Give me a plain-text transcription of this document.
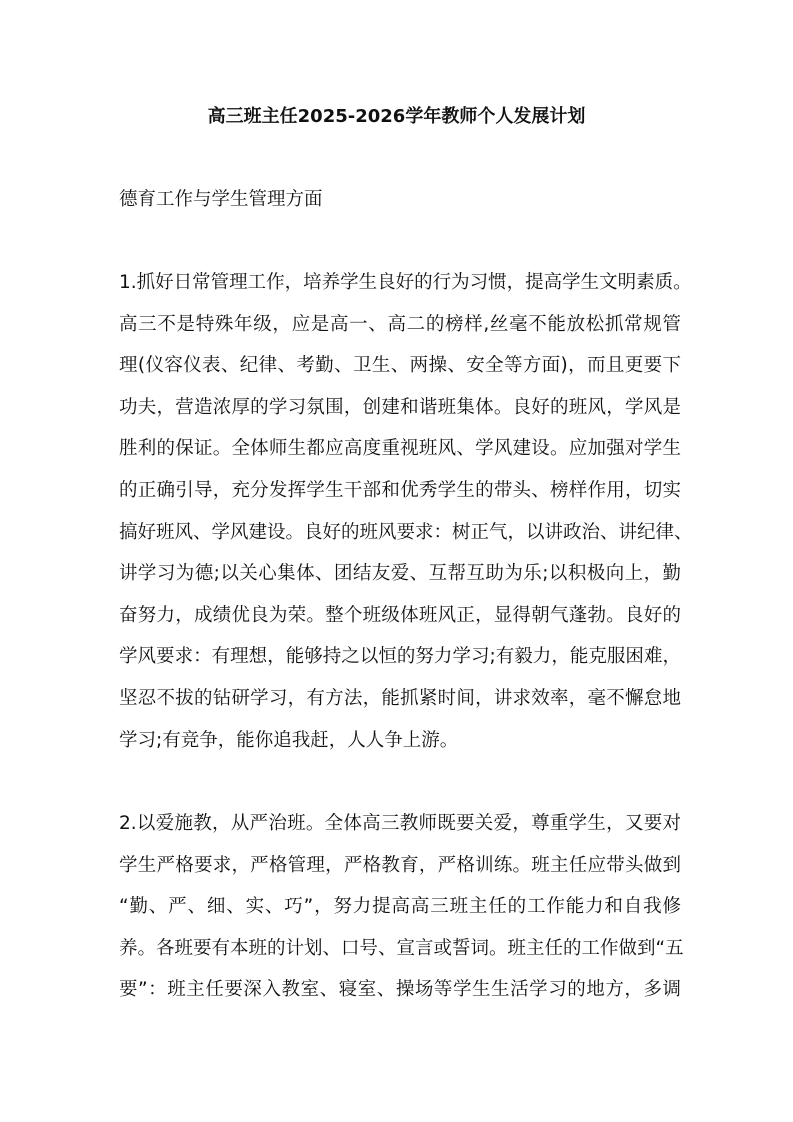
高三班主任2025-2026学年教师个人发展计划
德育工作与学生管理方面
1.抓好日常管理工作，培养学生良好的行为习惯，提高学生文明素质。
高三不是特殊年级，应是高一、高二的榜样,丝毫不能放松抓常规管
理(仪容仪表、纪律、考勤、卫生、两操、安全等方面)，而且更要下
功夫，营造浓厚的学习氛围，创建和谐班集体。良好的班风，学风是
胜利的保证。全体师生都应高度重视班风、学风建设。应加强对学生
的正确引导，充分发挥学生干部和优秀学生的带头、榜样作用，切实
搞好班风、学风建设。良好的班风要求：树正气，以讲政治、讲纪律、
讲学习为德;以关心集体、团结友爱、互帮互助为乐;以积极向上，勤
奋努力，成绩优良为荣。整个班级体班风正，显得朝气蓬勃。良好的
学风要求：有理想，能够持之以恒的努力学习;有毅力，能克服困难，
坚忍不拔的钻研学习，有方法，能抓紧时间，讲求效率，毫不懈怠地
学习;有竞争，能你追我赶，人人争上游。
2.以爱施教，从严治班。全体高三教师既要关爱，尊重学生，又要对
学生严格要求，严格管理，严格教育，严格训练。班主任应带头做到
“勤、严、细、实、巧”，努力提高高三班主任的工作能力和自我修
养。各班要有本班的计划、口号、宣言或誓词。班主任的工作做到“五
要”：班主任要深入教室、寝室、操场等学生生活学习的地方，多调
